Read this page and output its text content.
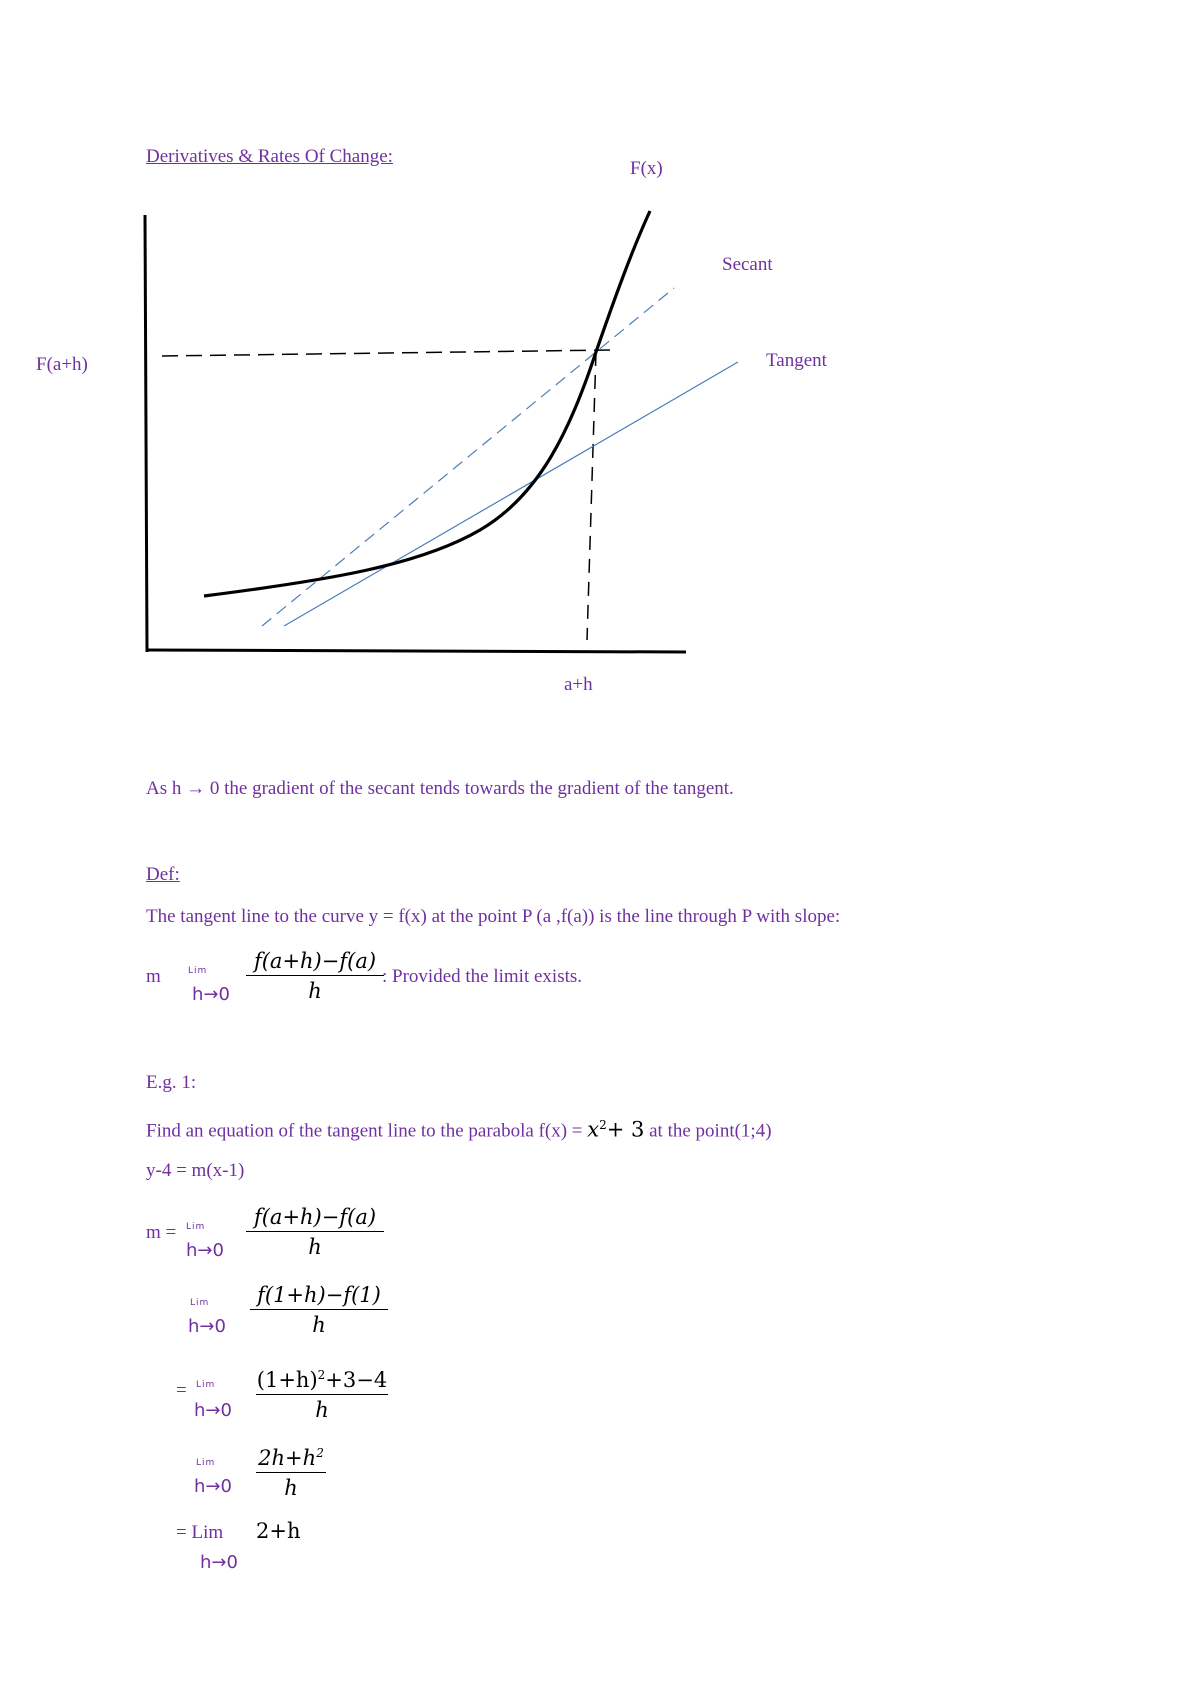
Derivatives & Rates Of Change:
F(x)
Secant
Tangent
F(a+h)
a+h
As h → 0 the gradient of the secant tends towards the gradient of the tangent.
Def:
The tangent line to the curve y = f(x) at the point P (a ,f(a)) is the line through P with slope:
m	Lim
h→0
f(a+h)−f(a)
h
: Provided the limit exists.
E.g. 1:
Find an equation of the tangent line to the parabola $f(x) = x^2+ 3$ at the point(1;4)
y-4 = m(x-1)
m = Lim
h→0
f(a+h)−f(a)
h
Lim
h→0
f(1+h)−f(1)
h
= Lim
h→0
$(1+h)^2+3-4$
h
Lim
h→0
$2h+h^2$
h
= Lim 2+h
h→0
